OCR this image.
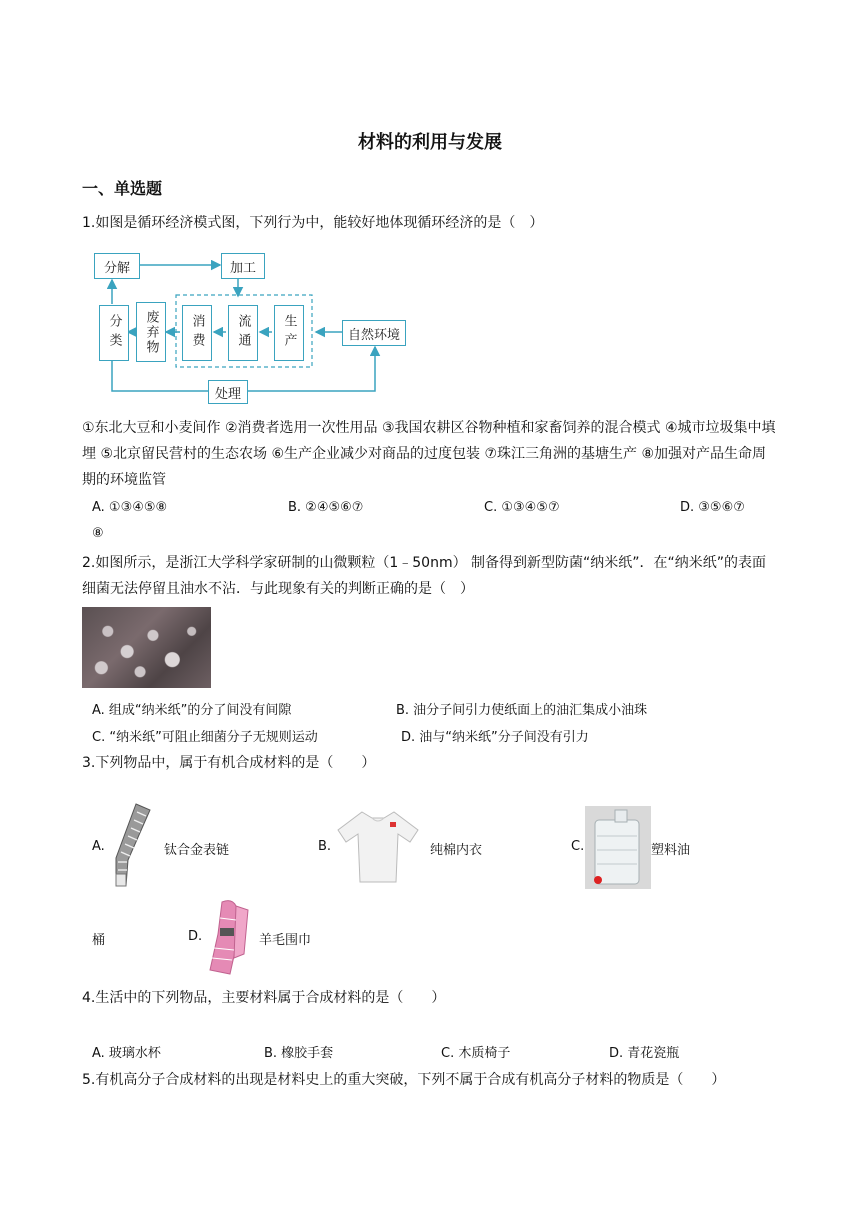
材料的利用与发展
一、单选题
1.如图是循环经济模式图，下列行为中，能较好地体现循环经济的是（　）
分解	加工
分类	废弃物	消费	流通	生产	自然环境
处理
①东北大豆和小麦间作 ②消费者选用一次性用品 ③我国农耕区谷物种植和家畜饲养的混合模式 ④城市垃圾集中填埋 ⑤北京留民营村的生态农场 ⑥生产企业减少对商品的过度包装 ⑦珠江三角洲的基塘生产 ⑧加强对产品生命周期的环境监管
A. ①③④⑤⑧	B. ②④⑤⑥⑦	C. ①③④⑤⑦	D. ③⑤⑥⑦
⑧
2.如图所示，是浙江大学科学家研制的山微颗粒（1﹣50nm） 制备得到新型防菌“纳米纸”．在“纳米纸”的表面细菌无法停留且油水不沾．与此现象有关的判断正确的是（　）
A. 组成“纳米纸”的分了间没有间隙	B. 油分子间引力使纸面上的油汇集成小油珠
C. “纳米纸”可阻止细菌分子无规则运动	D. 油与“纳米纸”分子间没有引力
3.下列物品中，属于有机合成材料的是（　　）
A.	钛合金表链	B.	纯棉内衣	C.	塑料油
桶	D.	羊毛围巾
4.生活中的下列物品，主要材料属于合成材料的是（　　）
A. 玻璃水杯	B. 橡胶手套	C. 木质椅子	D. 青花瓷瓶
5.有机高分子合成材料的出现是材料史上的重大突破，下列不属于合成有机高分子材料的物质是（　　）
